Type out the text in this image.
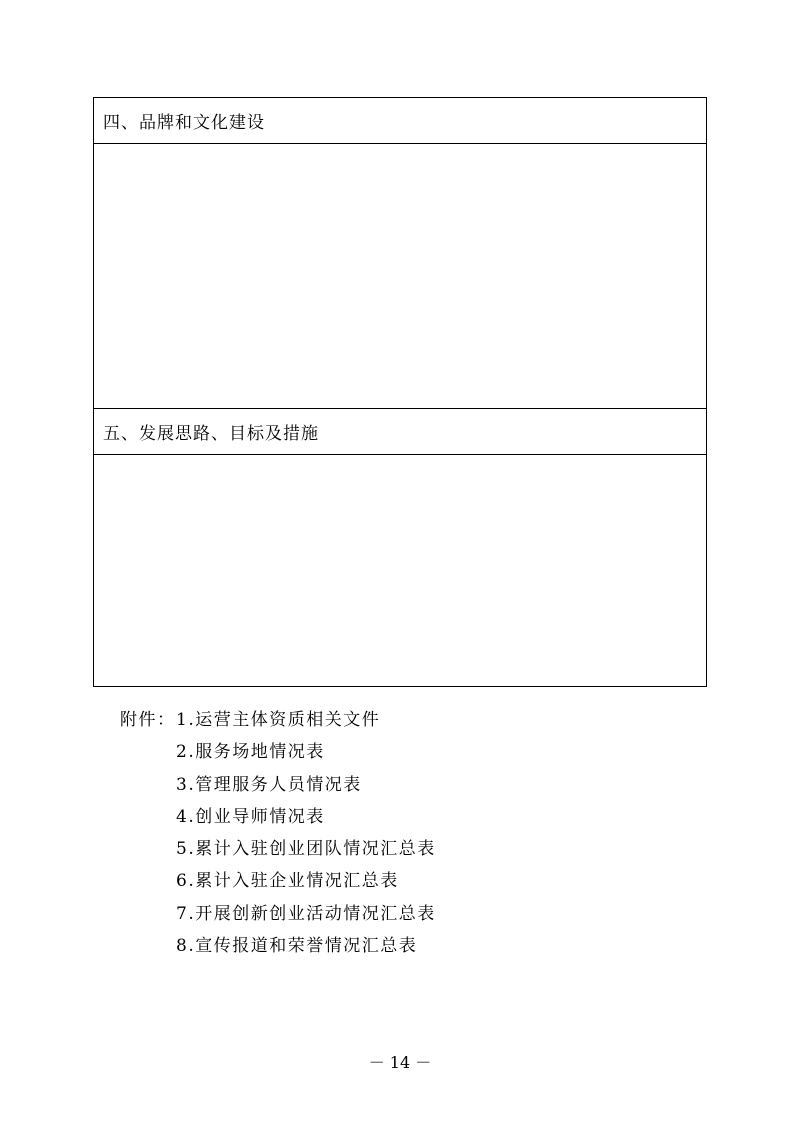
四、品牌和文化建设
五、发展思路、目标及措施
附件：1.运营主体资质相关文件
2.服务场地情况表
3.管理服务人员情况表
4.创业导师情况表
5.累计入驻创业团队情况汇总表
6.累计入驻企业情况汇总表
7.开展创新创业活动情况汇总表
8.宣传报道和荣誉情况汇总表
－ 14 －
